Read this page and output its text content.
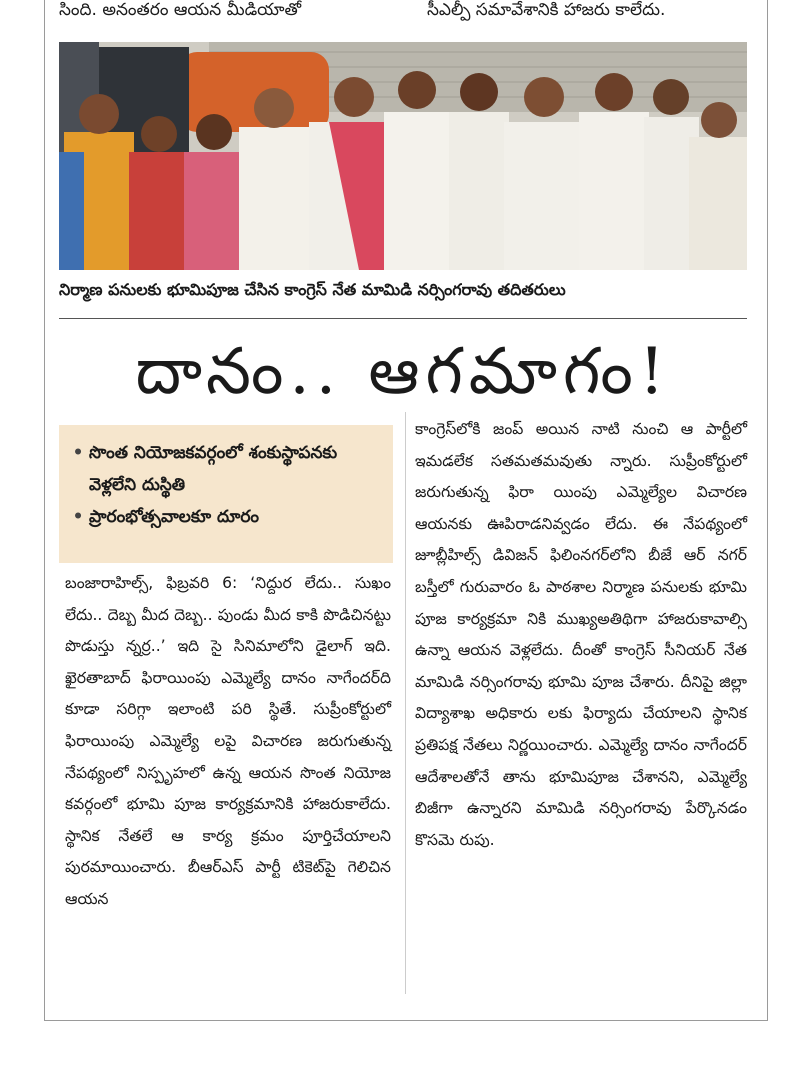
సింది. అనంతరం ఆయన మీడియాతో	సీఎల్పీ సమావేశానికి హాజరు కాలేదు.
నిర్మాణ పనులకు భూమిపూజ చేసిన కాంగ్రెస్ నేత మామిడి నర్సింగరావు తదితరులు
దానం.. ఆగమాగం!
• సొంత నియోజకవర్గంలో శంకుస్థాపనకు వెళ్లలేని దుస్థితి
• ప్రారంభోత్సవాలకూ దూరం

బంజారాహిల్స్, ఫిబ్రవరి 6: ‘నిద్దుర లేదు.. సుఖం లేదు.. దెబ్బ మీద దెబ్బ.. పుండు మీద కాకి పొడిచినట్టు పొడుస్తు న్నర్ర..’ ఇది సై సినిమాలోని డైలాగ్ ఇది. ఖైరతాబాద్ ఫిరాయింపు ఎమ్మెల్యే దానం నాగేందర్‌ది కూడా సరిగ్గా ఇలాంటి పరి స్థితే. సుప్రీంకోర్టులో ఫిరాయింపు ఎమ్మెల్యే లపై విచారణ జరుగుతున్న నేపథ్యంలో నిస్పృహలో ఉన్న ఆయన సొంత నియోజ కవర్గంలో భూమి పూజ కార్యక్రమానికి హాజరుకాలేదు. స్థానిక నేతలే ఆ కార్య క్రమం పూర్తిచేయాలని పురమాయించారు. బీఆర్‌ఎస్ పార్టీ టికెట్‌పై గెలిచిన ఆయన

కాంగ్రెస్‌లోకి జంప్ అయిన నాటి నుంచి ఆ పార్టీలో ఇమడలేక సతమతమవుతు న్నారు. సుప్రీంకోర్టులో జరుగుతున్న ఫిరా యింపు ఎమ్మెల్యేల విచారణ ఆయనకు ఊపిరాడనివ్వడం లేదు. ఈ నేపథ్యంలో జూబ్లీహిల్స్ డివిజన్ ఫిలింనగర్‌లోని బీజే ఆర్ నగర్ బస్తీలో గురువారం ఓ పాఠశాల నిర్మాణ పనులకు భూమి పూజ కార్యక్రమా నికి ముఖ్యఅతిథిగా హాజరుకావాల్సి ఉన్నా ఆయన వెళ్లలేదు. దీంతో కాంగ్రెస్ సీనియర్ నేత మామిడి నర్సింగరావు భూమి పూజ చేశారు. దీనిపై జిల్లా విద్యాశాఖ అధికారు లకు ఫిర్యాదు చేయాలని స్థానిక ప్రతిపక్ష నేతలు నిర్ణయించారు. ఎమ్మెల్యే దానం నాగేందర్ ఆదేశాలతోనే తాను భూమిపూజ చేశానని, ఎమ్మెల్యే బిజీగా ఉన్నారని మామిడి నర్సింగరావు పేర్కొనడం కొసమె రుపు.
